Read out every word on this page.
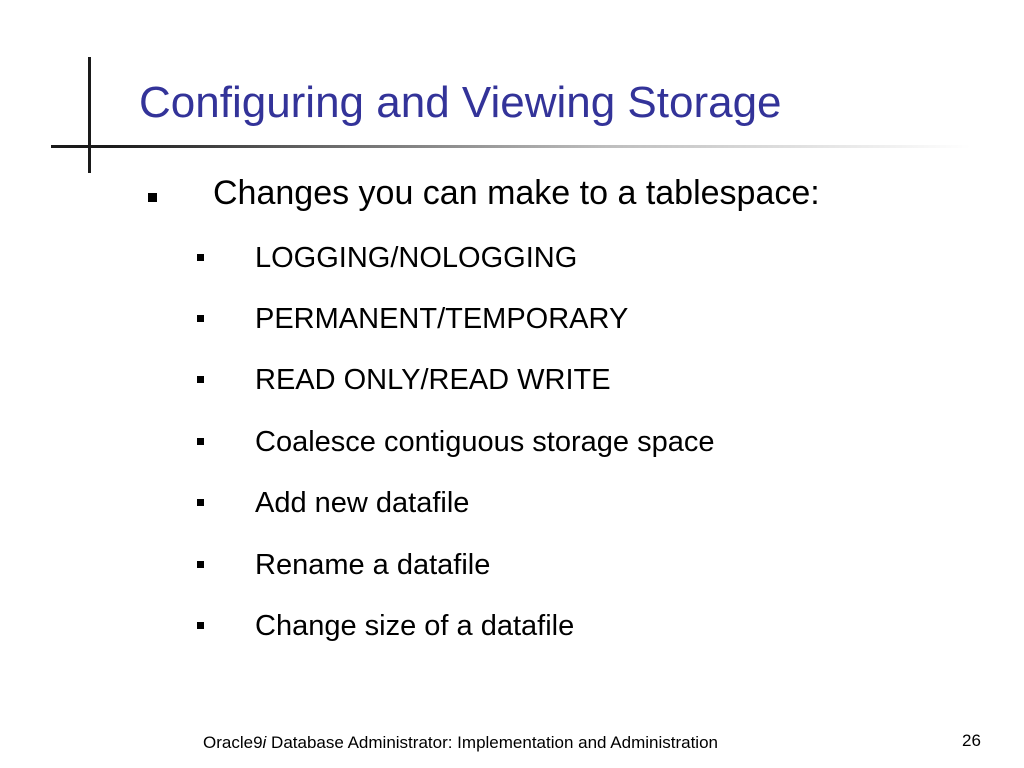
Configuring and Viewing Storage
Changes you can make to a tablespace:
LOGGING/NOLOGGING
PERMANENT/TEMPORARY
READ ONLY/READ WRITE
Coalesce contiguous storage space
Add new datafile
Rename a datafile
Change size of a datafile
Oracle9i Database Administrator: Implementation and Administration	26
